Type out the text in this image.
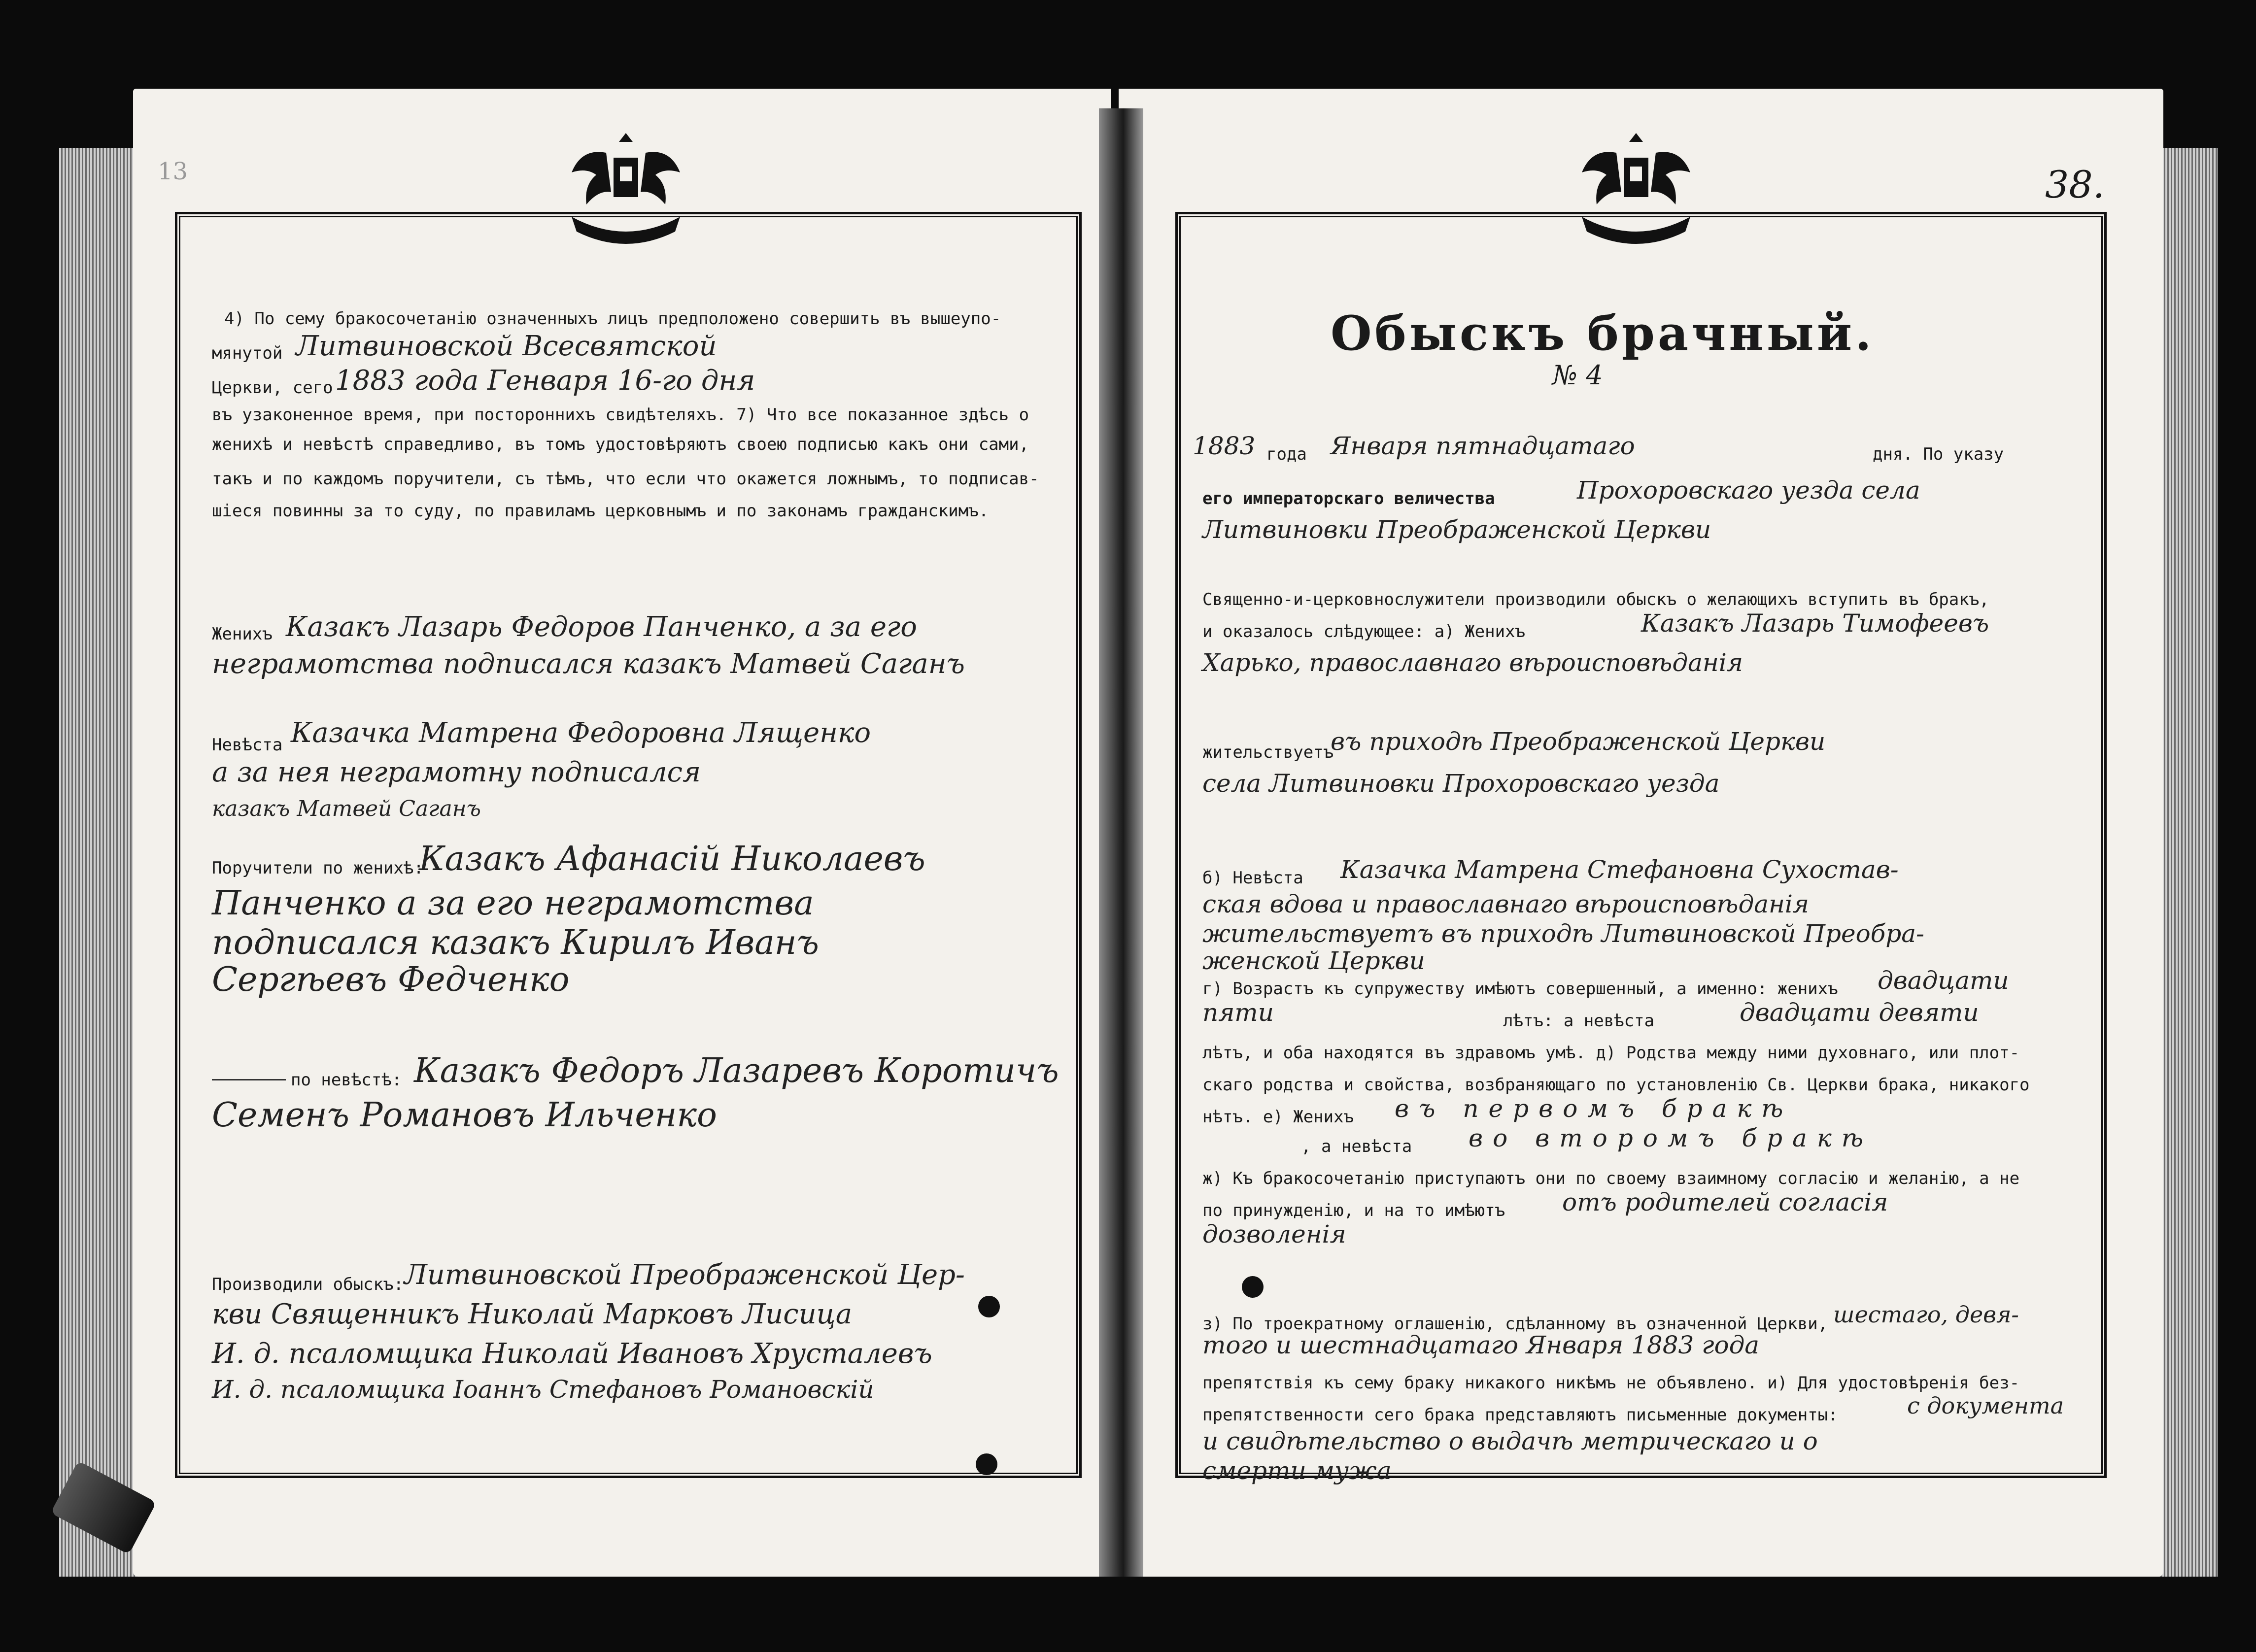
13	38.
4) По сему бракосочетанію означенныхъ лицъ предположено совершить въ вышеупо-
мянутой Литвиновской Всесвятской
Церкви, сего 1883 года Генваря 16-го дня
въ узаконенное время, при постороннихъ свидѣтеляхъ. 7) Что все показанное здѣсь о
женихѣ и невѣстѣ справедливо, въ томъ удостовѣряютъ своею подписью какъ они сами,
такъ и по каждомъ поручители, съ тѣмъ, что если что окажется ложнымъ, то подписав-
шіеся повинны за то суду, по правиламъ церковнымъ и по законамъ гражданскимъ.
Женихъ Казакъ Лазарь Федоров Панченко, а за его
неграмотства подписался казакъ Матвей Саганъ
Невѣста Казачка Матрена Федоровна Лященко
а за нея неграмотну подписался
казакъ Матвей Саганъ
Поручители по женихѣ:
Казакъ Афанасій Николаевъ
Панченко а за его неграмотства
подписался казакъ Кирилъ Иванъ
Сергѣевъ Федченко
по невѣстѣ: Казакъ Федоръ Лазаревъ Коротичъ
Семенъ Романовъ Ильченко
Производили обыскъ: Литвиновской Преображенской Цер-
кви Священникъ Николай Марковъ Лисица
И. д. псаломщика Николай Ивановъ Хрусталевъ
И. д. псаломщика Іоаннъ Стефановъ Романовскій
Обыскъ брачный.
№ 4
1883 года Января пятнадцатаго	дня. По указу
его императорскаго величества	Прохоровскаго уезда села
Литвиновки Преображенской Церкви
Священно-и-церковнослужители производили обыскъ о желающихъ вступить въ бракъ,
и оказалось слѣдующее: а) Женихъ	Казакъ Лазарь Тимофеевъ
Харько, православнаго вѣроисповѣданія
жительствуетъ
въ приходѣ Преображенской Церкви
села Литвиновки Прохоровскаго уезда
б) Невѣста Казачка Матрена Стефановна Сухостав-
ская вдова и православнаго вѣроисповѣданія
жительствуетъ въ приходѣ Литвиновской Преобра-
женской Церкви
г) Возрастъ къ супружеству имѣютъ совершенный, а именно: женихъ двадцати
пяти	лѣтъ: а невѣста	двадцати девяти
лѣтъ, и оба находятся въ здравомъ умѣ. д) Родства между ними духовнаго, или плот-
скаго родства и свойства, возбраняющаго по установленію Св. Церкви брака, никакого
нѣтъ. е) Женихъ въ первомъ бракѣ
, а невѣста во второмъ бракѣ
ж) Къ бракосочетанію приступаютъ они по своему взаимному согласію и желанію, а не
по принужденію, и на то имѣютъ отъ родителей согласія
дозволенія
з) По троекратному оглашенію, сдѣланному въ означенной Церкви, шестаго, девя-
того и шестнадцатаго Января 1883 года
препятствія къ сему браку никакого никѣмъ не объявлено. и) Для удостовѣренія без-
препятственности сего брака представляютъ письменные документы:	с документа
и свидѣтельство о выдачѣ метрическаго и о
смерти мужа
